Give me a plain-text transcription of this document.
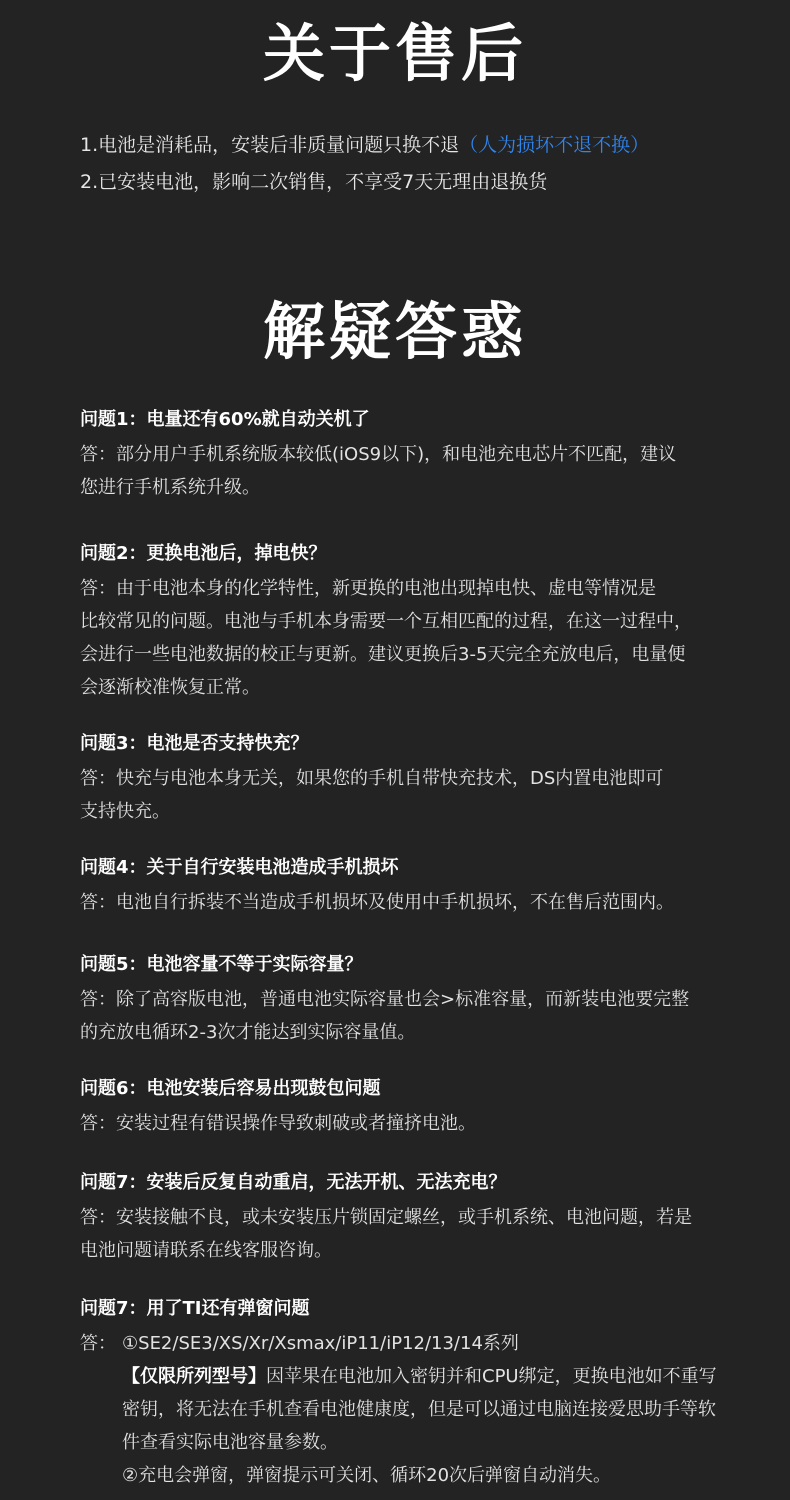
关于售后
1.电池是消耗品，安装后非质量问题只换不退（人为损坏不退不换）
2.已安装电池，影响二次销售，不享受7天无理由退换货
解疑答惑
问题1：电量还有60%就自动关机了
答：部分用户手机系统版本较低(iOS9以下)，和电池充电芯片不匹配，建议
您进行手机系统升级。
问题2：更换电池后，掉电快？
答：由于电池本身的化学特性，新更换的电池出现掉电快、虚电等情况是
比较常见的问题。电池与手机本身需要一个互相匹配的过程，在这一过程中，
会进行一些电池数据的校正与更新。建议更换后3-5天完全充放电后，电量便
会逐渐校准恢复正常。
问题3：电池是否支持快充？
答：快充与电池本身无关，如果您的手机自带快充技术，DS内置电池即可
支持快充。
问题4：关于自行安装电池造成手机损坏
答：电池自行拆装不当造成手机损坏及使用中手机损坏，不在售后范围内。
问题5：电池容量不等于实际容量？
答：除了高容版电池，普通电池实际容量也会>标准容量，而新装电池要完整
的充放电循环2-3次才能达到实际容量值。
问题6：电池安装后容易出现鼓包问题
答：安装过程有错误操作导致刺破或者撞挤电池。
问题7：安装后反复自动重启，无法开机、无法充电？
答：安装接触不良，或未安装压片锁固定螺丝，或手机系统、电池问题，若是
电池问题请联系在线客服咨询。
问题7：用了TI还有弹窗问题
答： ①SE2/SE3/XS/Xr/Xsmax/iP11/iP12/13/14系列
【仅限所列型号】因苹果在电池加入密钥并和CPU绑定，更换电池如不重写
密钥，将无法在手机查看电池健康度，但是可以通过电脑连接爱思助手等软
件查看实际电池容量参数。
②充电会弹窗，弹窗提示可关闭、循环20次后弹窗自动消失。
